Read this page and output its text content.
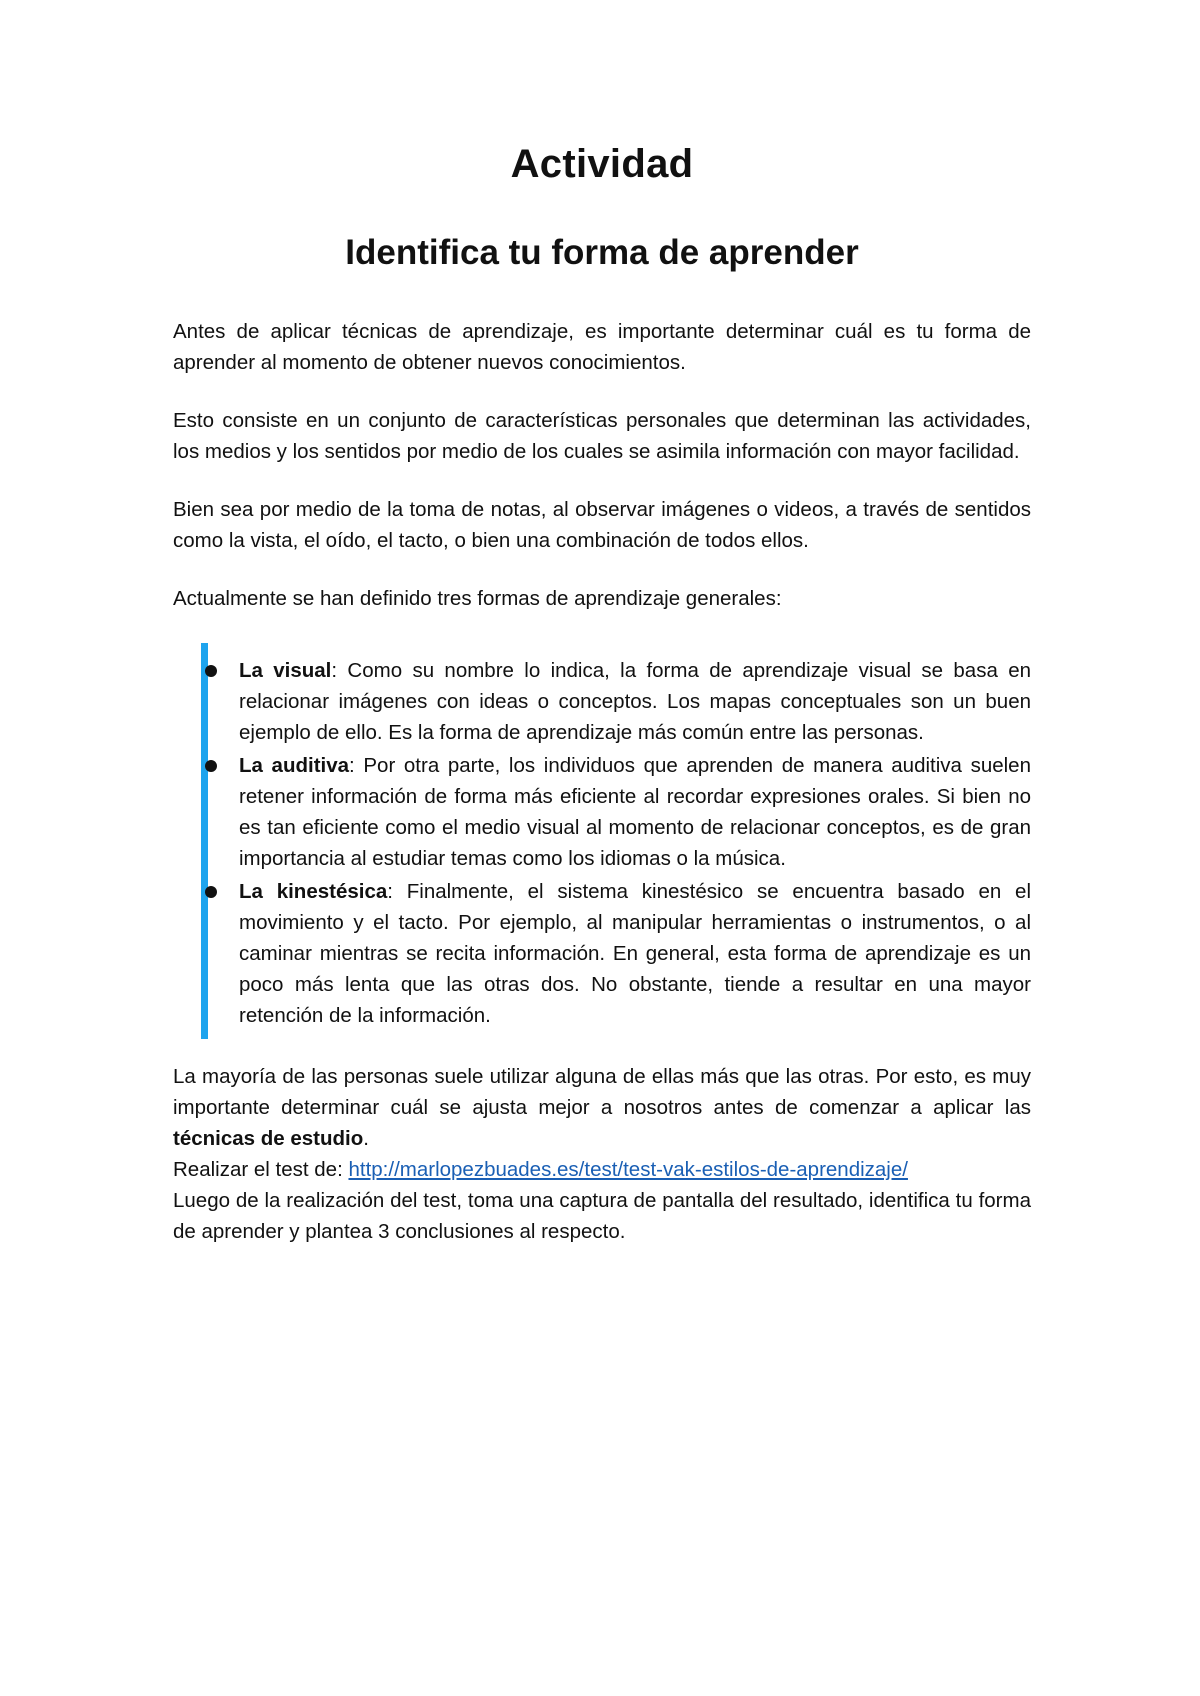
Actividad
Identifica tu forma de aprender

Antes de aplicar técnicas de aprendizaje, es importante determinar cuál es tu forma de aprender al momento de obtener nuevos conocimientos.

Esto consiste en un conjunto de características personales que determinan las actividades, los medios y los sentidos por medio de los cuales se asimila información con mayor facilidad.

Bien sea por medio de la toma de notas, al observar imágenes o videos, a través de sentidos como la vista, el oído, el tacto, o bien una combinación de todos ellos.

Actualmente se han definido tres formas de aprendizaje generales:

La visual: Como su nombre lo indica, la forma de aprendizaje visual se basa en relacionar imágenes con ideas o conceptos. Los mapas conceptuales son un buen ejemplo de ello. Es la forma de aprendizaje más común entre las personas.

La auditiva: Por otra parte, los individuos que aprenden de manera auditiva suelen retener información de forma más eficiente al recordar expresiones orales. Si bien no es tan eficiente como el medio visual al momento de relacionar conceptos, es de gran importancia al estudiar temas como los idiomas o la música.

La kinestésica: Finalmente, el sistema kinestésico se encuentra basado en el movimiento y el tacto. Por ejemplo, al manipular herramientas o instrumentos, o al caminar mientras se recita información. En general, esta forma de aprendizaje es un poco más lenta que las otras dos. No obstante, tiende a resultar en una mayor retención de la información.

La mayoría de las personas suele utilizar alguna de ellas más que las otras. Por esto, es muy importante determinar cuál se ajusta mejor a nosotros antes de comenzar a aplicar las técnicas de estudio.

Realizar el test de: http://marlopezbuades.es/test/test-vak-estilos-de-aprendizaje/

Luego de la realización del test, toma una captura de pantalla del resultado, identifica tu forma de aprender y plantea 3 conclusiones al respecto.
